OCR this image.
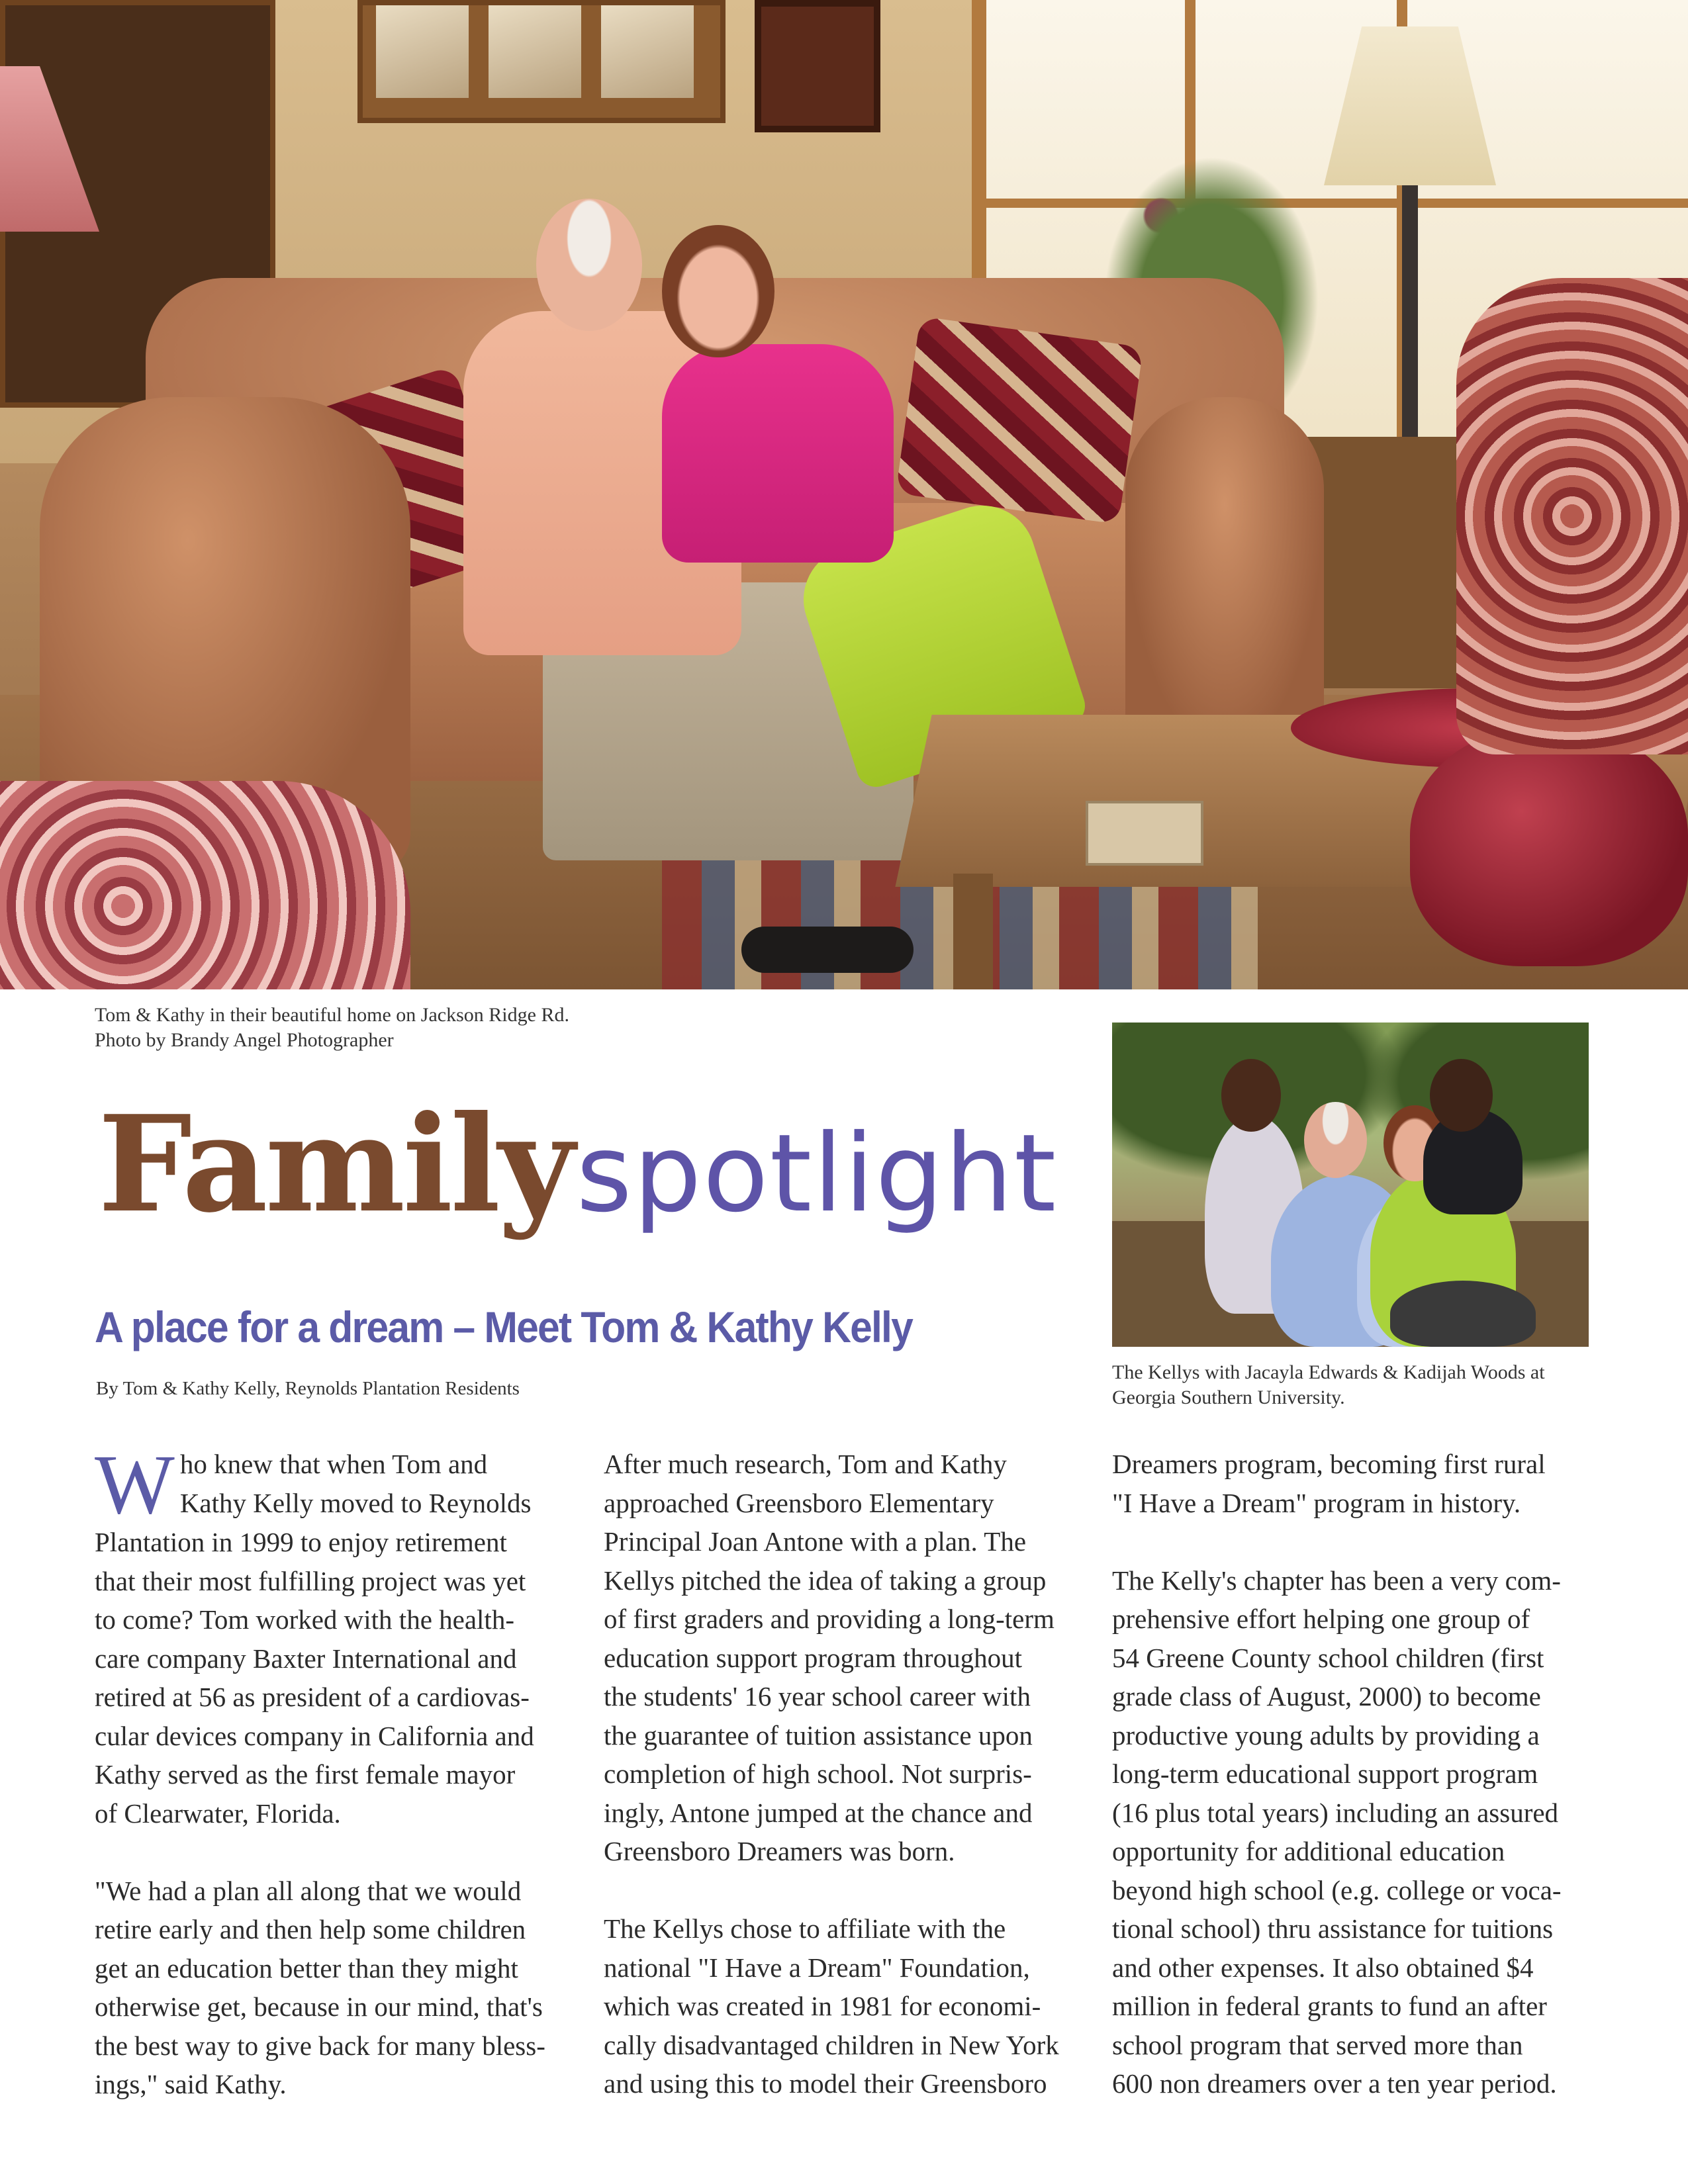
Tom & Kathy in their beautiful home on Jackson Ridge Rd.
Photo by Brandy Angel Photographer
The Kellys with Jacayla Edwards & Kadijah Woods at
Georgia Southern University.
Familyspotlight
A place for a dream – Meet Tom & Kathy Kelly
By Tom & Kathy Kelly, Reynolds Plantation Residents
W ho knew that when Tom and
Kathy Kelly moved to Reynolds
Plantation in 1999 to enjoy retirement
that their most fulfilling project was yet
to come? Tom worked with the health-
care company Baxter International and
retired at 56 as president of a cardiovas-
cular devices company in California and
Kathy served as the first female mayor
of Clearwater, Florida.
"We had a plan all along that we would
retire early and then help some children
get an education better than they might
otherwise get, because in our mind, that's
the best way to give back for many bless-
ings," said Kathy.
After much research, Tom and Kathy
approached Greensboro Elementary
Principal Joan Antone with a plan. The
Kellys pitched the idea of taking a group
of first graders and providing a long-term
education support program throughout
the students' 16 year school career with
the guarantee of tuition assistance upon
completion of high school. Not surpris-
ingly, Antone jumped at the chance and
Greensboro Dreamers was born.
The Kellys chose to affiliate with the
national "I Have a Dream" Foundation,
which was created in 1981 for economi-
cally disadvantaged children in New York
and using this to model their Greensboro
Dreamers program, becoming first rural
"I Have a Dream" program in history.
The Kelly's chapter has been a very com-
prehensive effort helping one group of
54 Greene County school children (first
grade class of August, 2000) to become
productive young adults by providing a
long-term educational support program
(16 plus total years) including an assured
opportunity for additional education
beyond high school (e.g. college or voca-
tional school) thru assistance for tuitions
and other expenses. It also obtained $4
million in federal grants to fund an after
school program that served more than
600 non dreamers over a ten year period.
